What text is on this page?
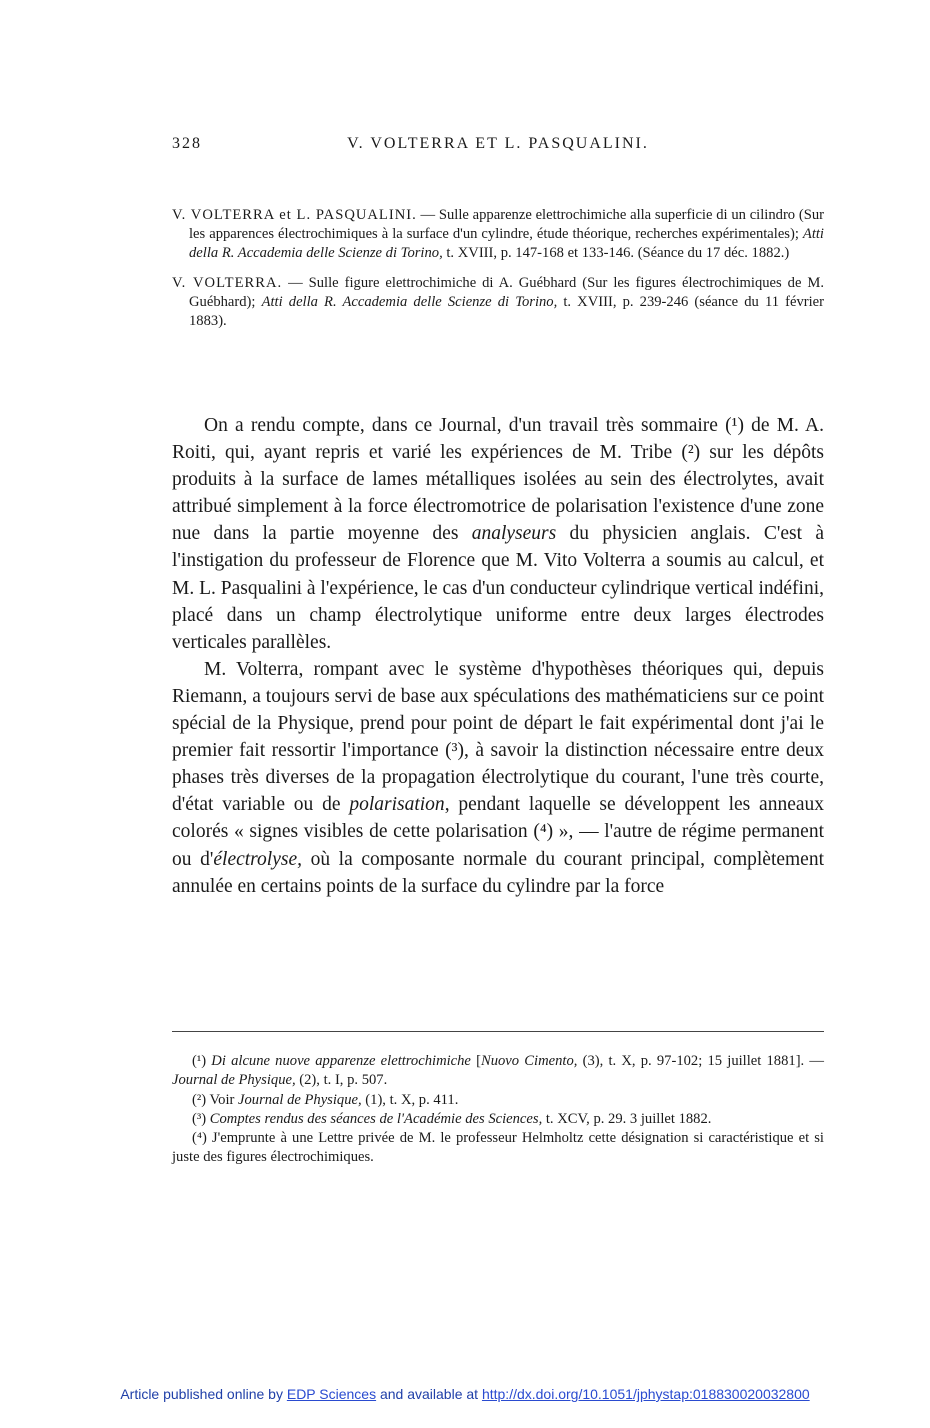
328	V. VOLTERRA ET L. PASQUALINI.

V. VOLTERRA et L. PASQUALINI. — Sulle apparenze elettrochimiche alla superficie di un cilindro (Sur les apparences électrochimiques à la surface d'un cylindre, étude théorique, recherches expérimentales); Atti della R. Accademia delle Scienze di Torino, t. XVIII, p. 147-168 et 133-146. (Séance du 17 déc. 1882.)

V. VOLTERRA. — Sulle figure elettrochimiche di A. Guébhard (Sur les figures électrochimiques de M. Guébhard); Atti della R. Accademia delle Scienze di Torino, t. XVIII, p. 239-246 (séance du 11 février 1883).

On a rendu compte, dans ce Journal, d'un travail très sommaire (¹) de M. A. Roiti, qui, ayant repris et varié les expériences de M. Tribe (²) sur les dépôts produits à la surface de lames métalliques isolées au sein des électrolytes, avait attribué simplement à la force électromotrice de polarisation l'existence d'une zone nue dans la partie moyenne des analyseurs du physicien anglais. C'est à l'instigation du professeur de Florence que M. Vito Volterra a soumis au calcul, et M. L. Pasqualini à l'expérience, le cas d'un conducteur cylindrique vertical indéfini, placé dans un champ électrolytique uniforme entre deux larges électrodes verticales parallèles.

M. Volterra, rompant avec le système d'hypothèses théoriques qui, depuis Riemann, a toujours servi de base aux spéculations des mathématiciens sur ce point spécial de la Physique, prend pour point de départ le fait expérimental dont j'ai le premier fait ressortir l'importance (³), à savoir la distinction nécessaire entre deux phases très diverses de la propagation électrolytique du courant, l'une très courte, d'état variable ou de polarisation, pendant laquelle se développent les anneaux colorés « signes visibles de cette polarisation (⁴) », — l'autre de régime permanent ou d'électrolyse, où la composante normale du courant principal, complètement annulée en certains points de la surface du cylindre par la force

(¹) Di alcune nuove apparenze elettrochimiche [Nuovo Cimento, (3), t. X, p. 97-102; 15 juillet 1881]. — Journal de Physique, (2), t. I, p. 507.

(²) Voir Journal de Physique, (1), t. X, p. 411.

(³) Comptes rendus des séances de l'Académie des Sciences, t. XCV, p. 29. 3 juillet 1882.

(⁴) J'emprunte à une Lettre privée de M. le professeur Helmholtz cette désignation si caractéristique et si juste des figures électrochimiques.

Article published online by EDP Sciences and available at http://dx.doi.org/10.1051/jphystap:018830020032800
